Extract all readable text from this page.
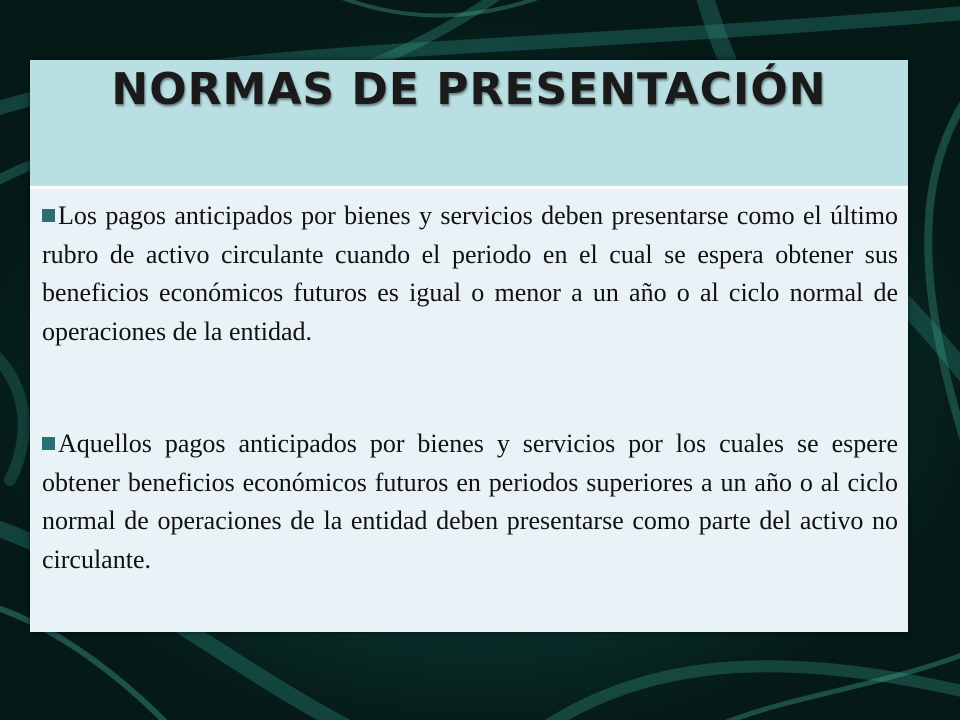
NORMAS DE PRESENTACIÓN

Los pagos anticipados por bienes y servicios deben presentarse como el último rubro de activo circulante cuando el periodo en el cual se espera obtener sus beneficios económicos futuros es igual o menor a un año o al ciclo normal de operaciones de la entidad.

Aquellos pagos anticipados por bienes y servicios por los cuales se espere obtener beneficios económicos futuros en periodos superiores a un año o al ciclo normal de operaciones de la entidad deben presentarse como parte del activo no circulante.
